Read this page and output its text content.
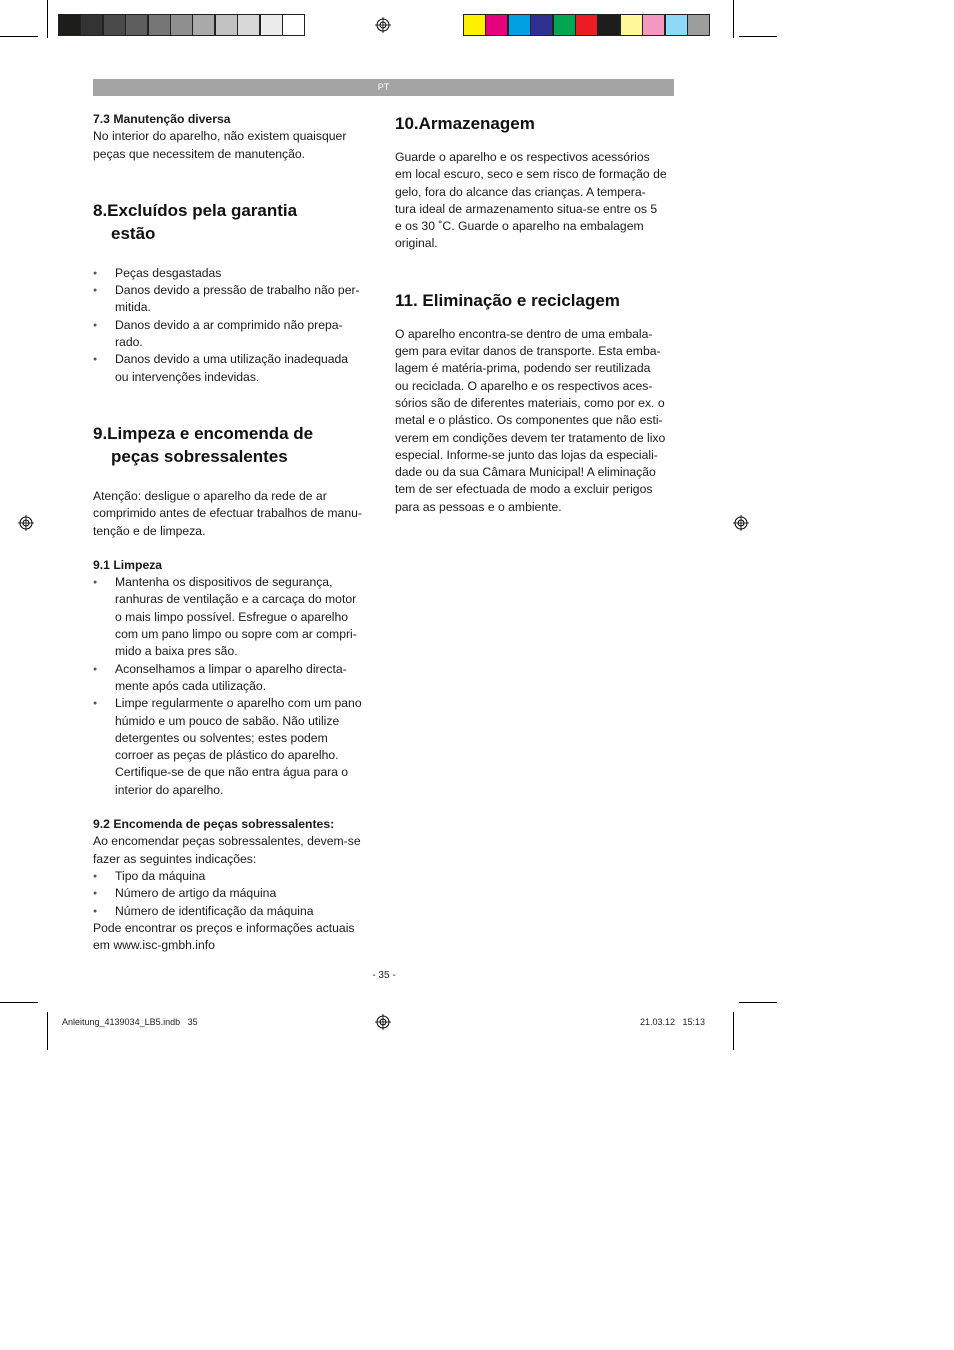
PT
7.3 Manutenção diversa
No interior do aparelho, não existem quaisquer
peças que necessitem de manutenção.
8.Excluídos pela garantia
estão
● Peças desgastadas
● Danos devido a pressão de trabalho não per-
mitida.
● Danos devido a ar comprimido não prepa-
rado.
● Danos devido a uma utilização inadequada
ou intervenções indevidas.
9.Limpeza e encomenda de
peças sobressalentes
Atenção: desligue o aparelho da rede de ar
comprimido antes de efectuar trabalhos de manu-
tenção e de limpeza.
9.1 Limpeza
● Mantenha os dispositivos de segurança,
ranhuras de ventilação e a carcaça do motor
o mais limpo possível. Esfregue o aparelho
com um pano limpo ou sopre com ar compri-
mido a baixa pres são.
● Aconselhamos a limpar o aparelho directa-
mente após cada utilização.
● Limpe regularmente o aparelho com um pano
húmido e um pouco de sabão. Não utilize
detergentes ou solventes; estes podem
corroer as peças de plástico do aparelho.
Certifique-se de que não entra água para o
interior do aparelho.
9.2 Encomenda de peças sobressalentes:
Ao encomendar peças sobressalentes, devem-se
fazer as seguintes indicações:
● Tipo da máquina
● Número de artigo da máquina
● Número de identificação da máquina
Pode encontrar os preços e informações actuais
em www.isc-gmbh.info
10.Armazenagem
Guarde o aparelho e os respectivos acessórios
em local escuro, seco e sem risco de formação de
gelo, fora do alcance das crianças. A tempera-
tura ideal de armazenamento situa-se entre os 5
e os 30 ˚C. Guarde o aparelho na embalagem
original.
11. Eliminação e reciclagem
O aparelho encontra-se dentro de uma embala-
gem para evitar danos de transporte. Esta emba-
lagem é matéria-prima, podendo ser reutilizada
ou reciclada. O aparelho e os respectivos aces-
sórios são de diferentes materiais, como por ex. o
metal e o plástico. Os componentes que não esti-
verem em condições devem ter tratamento de lixo
especial. Informe-se junto das lojas da especiali-
dade ou da sua Câmara Municipal! A eliminação
tem de ser efectuada de modo a excluir perigos
para as pessoas e o ambiente.
- 35 -
Anleitung_4139034_LB5.indb   35	21.03.12   15:13
